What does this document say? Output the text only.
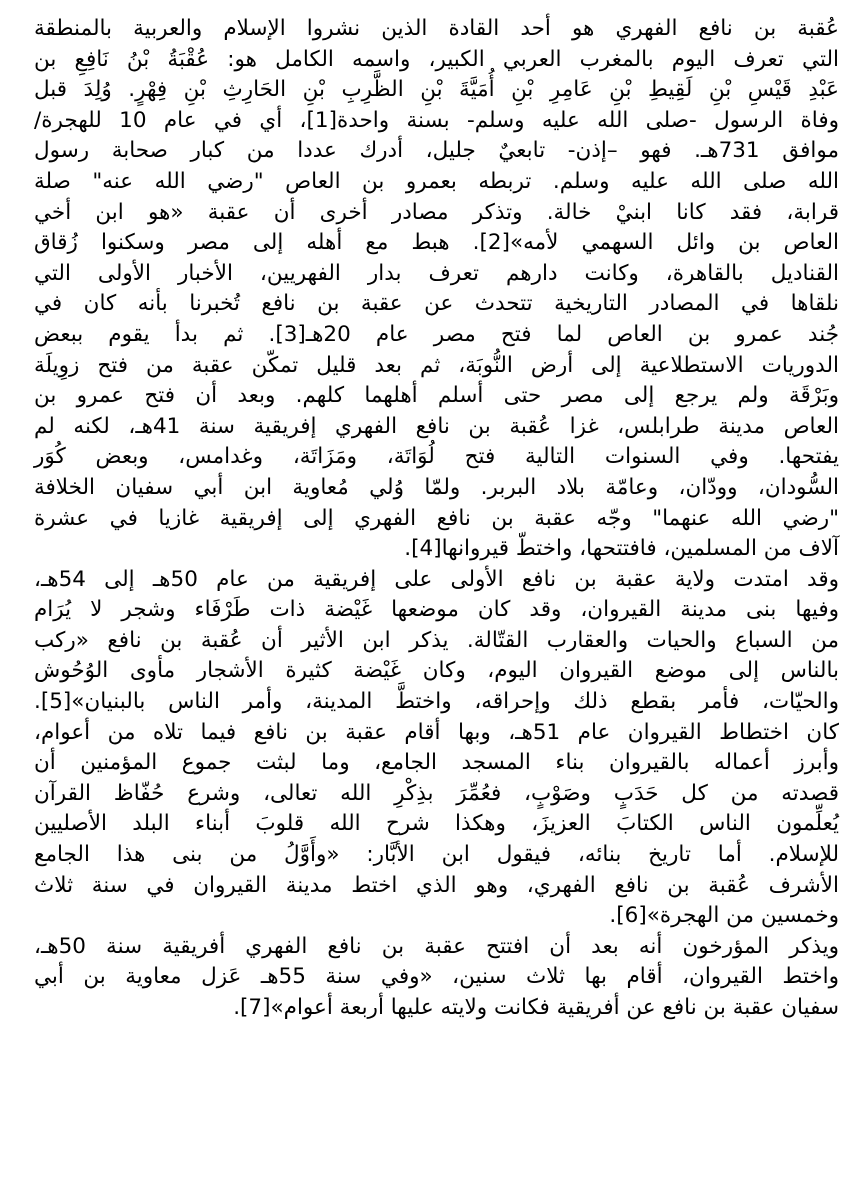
عُقبة بن نافع الفهري هو أحد القادة الذين نشروا الإسلام والعربية بالمنطقة
التي تعرف اليوم بالمغرب العربي الكبير، واسمه الكامل هو: عُقْبَةُ بْنُ نَافِعِ بن
عَبْدِ قَيْسِ بْنِ لَقِيطِ بْنِ عَامِرِ بْنِ أُمَيَّةَ بْنِ الظَّرِبِ بْنِ الحَارِثِ بْنِ فِهْرٍ. وُلِدَ قبل
وفاة الرسول -صلى الله عليه وسلم- بسنة واحدة[1]، أي في عام 10 للهجرة/
موافق 731هـ. فهو –إذن- تابعيٌ جليل، أدرك عددا من كبار صحابة رسول
الله صلى الله عليه وسلم. تربطه بعمرو بن العاص "رضي الله عنه" صلة
قرابة، فقد كانا ابنيْ خالة. وتذكر مصادر أخرى أن عقبة «هو ابن أخي
العاص بن وائل السهمي لأمه»[2]. هبط مع أهله إلى مصر وسكنوا زُقاق
القناديل بالقاهرة، وكانت دارهم تعرف بدار الفهريين، الأخبار الأولى التي
نلقاها في المصادر التاريخية تتحدث عن عقبة بن نافع تُخبرنا بأنه كان في
جُند عمرو بن العاص لما فتح مصر عام 20هـ[3]. ثم بدأ يقوم ببعض
الدوريات الاستطلاعية إلى أرض النُّوبَة، ثم بعد قليل تمكّن عقبة من فتح زوِيلَة
وبَرْقَة ولم يرجع إلى مصر حتى أسلم أهلهما كلهم. وبعد أن فتح عمرو بن
العاص مدينة طرابلس، غزا عُقبة بن نافع الفهري إفريقية سنة 41هـ، لكنه لم
يفتحها. وفي السنوات التالية فتح لُوَاتَة، ومَزَاتَة، وغدامس، وبعض كُوَر
السُّودان، وودّان، وعامّة بلاد البربر. ولمّا وُلي مُعاوية ابن أبي سفيان الخلافة
"رضي الله عنهما" وجّه عقبة بن نافع الفهري إلى إفريقية غازيا في عشرة
آلاف من المسلمين، فافتتحها، واختطّ قيروانها[4].
وقد امتدت ولاية عقبة بن نافع الأولى على إفريقية من عام 50هـ إلى 54هـ،
وفيها بنى مدينة القيروان، وقد كان موضعها غَيْضة ذات طَرْفَاء وشجر لا يُرَام
من السباع والحيات والعقارب القتّالة. يذكر ابن الأثير أن عُقبة بن نافع «ركب
بالناس إلى موضع القيروان اليوم، وكان غَيْضة كثيرة الأشجار مأوى الوُحُوش
والحيّات، فأمر بقطع ذلك وإحراقه، واختطَّ المدينة، وأمر الناس بالبنيان»[5].
كان اختطاط القيروان عام 51هـ، وبها أقام عقبة بن نافع فيما تلاه من أعوام،
وأبرز أعماله بالقيروان بناء المسجد الجامع، وما لبثت جموع المؤمنين أن
قصدته من كل حَدَبٍ وصَوْبٍ، فعُمِّرَ بذِكْرِ الله تعالى، وشرع حُفّاظ القرآن
يُعلِّمون الناس الكتابَ العزيزَ، وهكذا شرح الله قلوبَ أبناء البلد الأصليين
للإسلام. أما تاريخ بنائه، فيقول ابن الأبَّار: «وأَوَّلُ من بنى هذا الجامع
الأشرف عُقبة بن نافع الفهري، وهو الذي اختط مدينة القيروان في سنة ثلاث
وخمسين من الهجرة»[6].
ويذكر المؤرخون أنه بعد أن افتتح عقبة بن نافع الفهري أفريقية سنة 50هـ،
واختط القيروان، أقام بها ثلاث سنين، «وفي سنة 55هـ عَزل معاوية بن أبي
سفيان عقبة بن نافع عن أفريقية فكانت ولايته عليها أربعة أعوام»[7].
